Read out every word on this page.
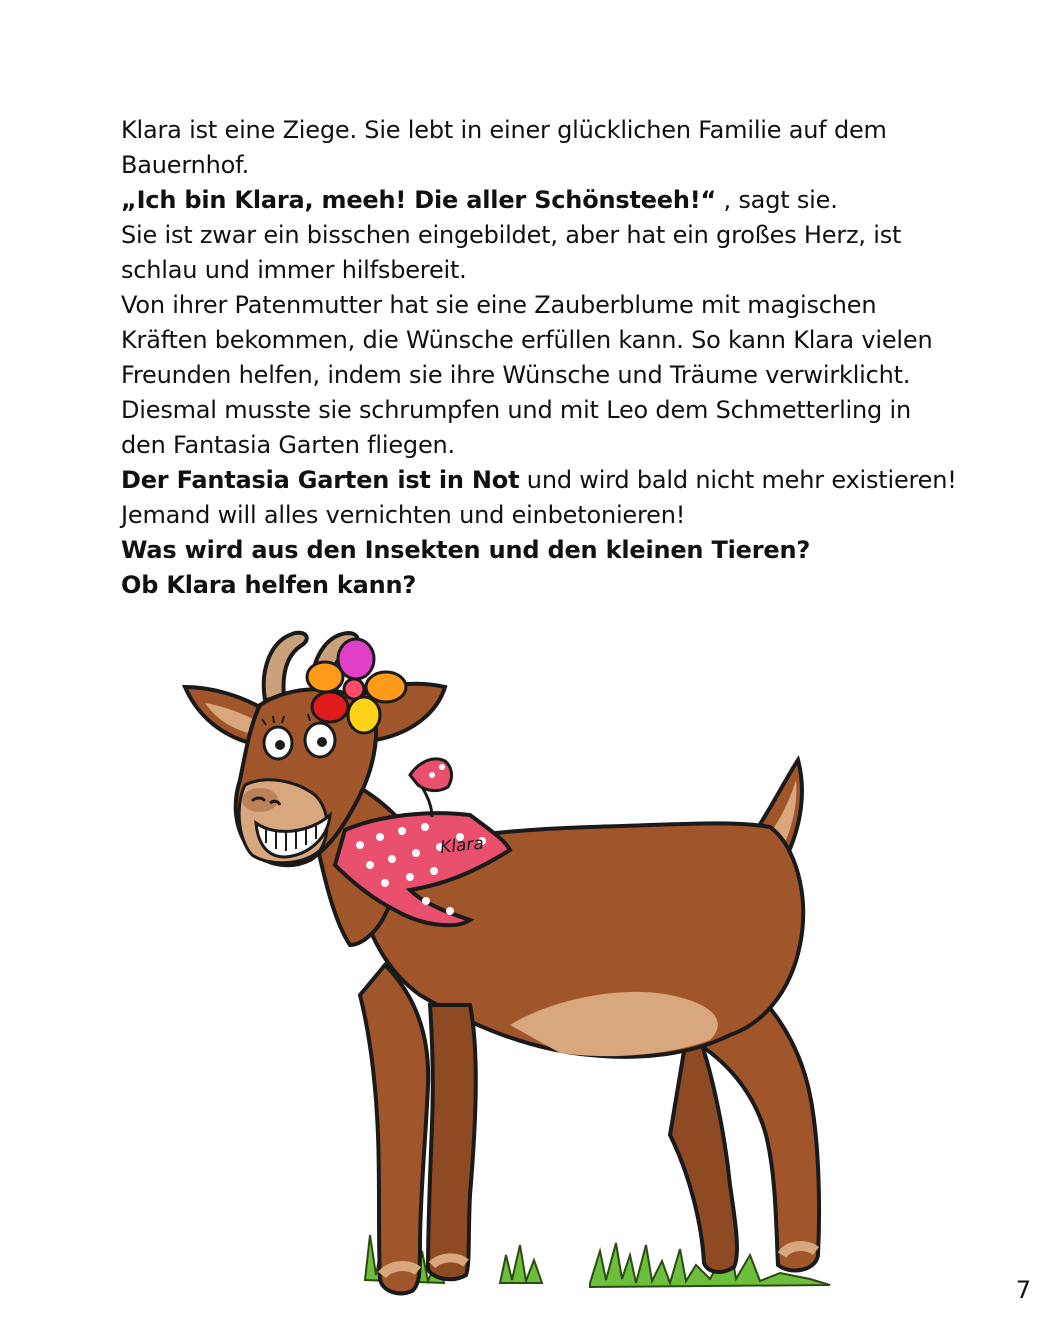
Klara ist eine Ziege. Sie lebt in einer glücklichen Familie auf dem Bauernhof.

„Ich bin Klara, meeh! Die aller Schönsteeh!“ , sagt sie.

Sie ist zwar ein bisschen eingebildet, aber hat ein großes Herz, ist schlau und immer hilfsbereit.

Von ihrer Patenmutter hat sie eine Zauberblume mit magischen Kräften bekommen, die Wünsche erfüllen kann. So kann Klara vielen Freunden helfen, indem sie ihre Wünsche und Träume verwirklicht.

Diesmal musste sie schrumpfen und mit Leo dem Schmetterling in den Fantasia Garten fliegen.

Der Fantasia Garten ist in Not und wird bald nicht mehr existieren!

Jemand will alles vernichten und einbetonieren!

Was wird aus den Insekten und den kleinen Tieren?

Ob Klara helfen kann?

Klara
7
